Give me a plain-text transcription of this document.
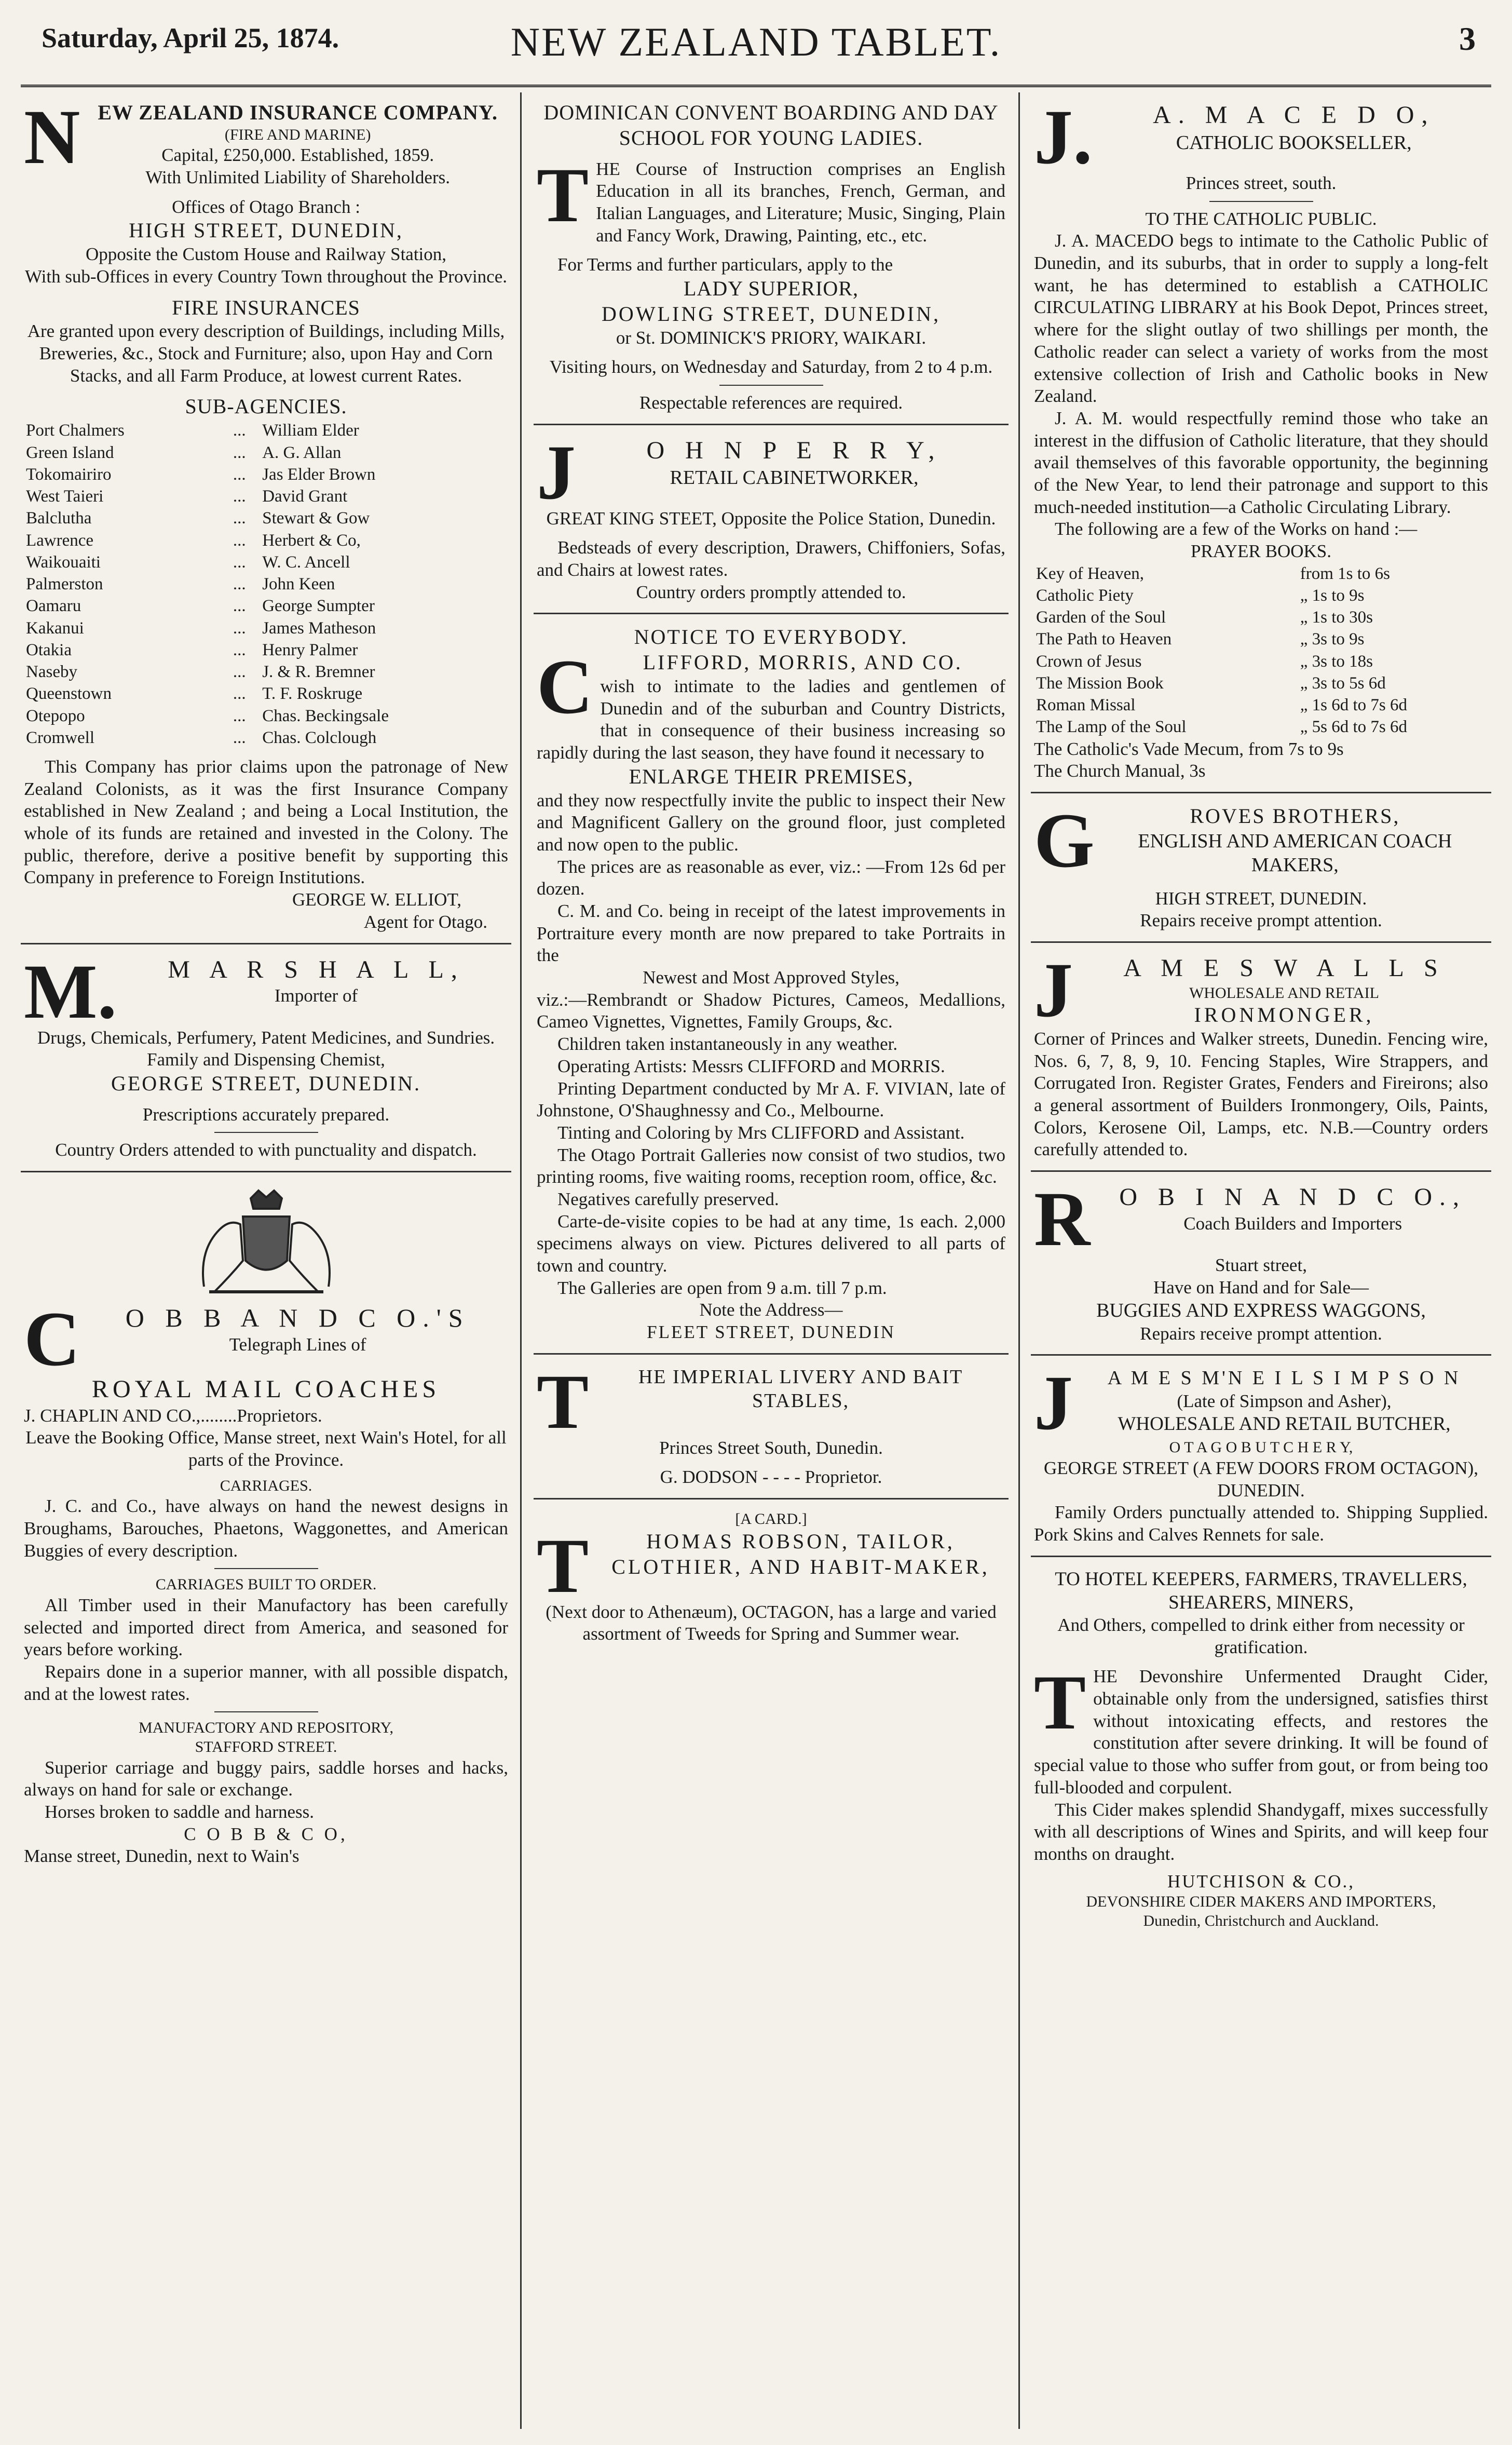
Saturday, April 25, 1874.	NEW ZEALAND TABLET.	3
N EW ZEALAND INSURANCE COMPANY.
(FIRE AND MARINE)
Capital, £250,000. Established, 1859.
With Unlimited Liability of Shareholders.
Offices of Otago Branch :
HIGH STREET, DUNEDIN,
Opposite the Custom House and Railway Station,
With sub-Offices in every Country Town throughout the Province.
FIRE INSURANCES
Are granted upon every description of Buildings, including Mills, Breweries, &c., Stock and Furniture; also, upon Hay and Corn Stacks, and all Farm Produce, at lowest current Rates.
SUB-AGENCIES.
Port Chalmers	...	William Elder
Green Island	...	A. G. Allan
Tokomairiro	...	Jas Elder Brown
West Taieri	...	David Grant
Balclutha	...	Stewart & Gow
Lawrence	...	Herbert & Co,
Waikouaiti	...	W. C. Ancell
Palmerston	...	John Keen
Oamaru	...	George Sumpter
Kakanui	...	James Matheson
Otakia	...	Henry Palmer
Naseby	...	J. & R. Bremner
Queenstown	...	T. F. Roskruge
Otepopo	...	Chas. Beckingsale
Cromwell	...	Chas. Colclough
This Company has prior claims upon the patronage of New Zealand Colonists, as it was the first Insurance Company established in New Zealand ; and being a Local Institution, the whole of its funds are retained and invested in the Colony. The public, therefore, derive a positive benefit by supporting this Company in preference to Foreign Institutions.
GEORGE W. ELLIOT,
Agent for Otago.
M.	M A R S H A L L,
Importer of
Drugs, Chemicals, Perfumery, Patent Medicines, and Sundries. Family and Dispensing Chemist,
GEORGE STREET, DUNEDIN.
Prescriptions accurately prepared.
Country Orders attended to with punctuality and dispatch.
C	O B B A N D C O.'S
Telegraph Lines of
ROYAL MAIL COACHES
J. CHAPLIN AND CO.,........Proprietors.
Leave the Booking Office, Manse street, next Wain's Hotel, for all parts of the Province.
CARRIAGES.
J. C. and Co., have always on hand the newest designs in Broughams, Barouches, Phaetons, Waggonettes, and American Buggies of every description.
CARRIAGES BUILT TO ORDER.
All Timber used in their Manufactory has been carefully selected and imported direct from America, and seasoned for years before working.
Repairs done in a superior manner, with all possible dispatch, and at the lowest rates.
MANUFACTORY AND REPOSITORY,
STAFFORD STREET.
Superior carriage and buggy pairs, saddle horses and hacks, always on hand for sale or exchange.
Horses broken to saddle and harness.
C O B B & C O,
Manse street, Dunedin, next to Wain's
DOMINICAN CONVENT BOARDING AND DAY SCHOOL FOR YOUNG LADIES.
T HE Course of Instruction comprises an English Education in all its branches, French, German, and Italian Languages, and Literature; Music, Singing, Plain and Fancy Work, Drawing, Painting, etc., etc.
For Terms and further particulars, apply to the
LADY SUPERIOR,
DOWLING STREET, DUNEDIN,
or St. DOMINICK'S PRIORY, WAIKARI.
Visiting hours, on Wednesday and Saturday, from 2 to 4 p.m.
Respectable references are required.
J	O H N P E R R Y,
RETAIL CABINETWORKER,
GREAT KING STEET, Opposite the Police Station, Dunedin.
Bedsteads of every description, Drawers, Chiffoniers, Sofas, and Chairs at lowest rates.
Country orders promptly attended to.
NOTICE TO EVERYBODY.
C	LIFFORD, MORRIS, AND CO.
wish to intimate to the ladies and gentlemen of Dunedin and of the suburban and Country Districts, that in consequence of their business increasing so rapidly during the last season, they have found it necessary to
ENLARGE THEIR PREMISES,
and they now respectfully invite the public to inspect their New and Magnificent Gallery on the ground floor, just completed and now open to the public.
The prices are as reasonable as ever, viz.: —From 12s 6d per dozen.
C. M. and Co. being in receipt of the latest improvements in Portraiture every month are now prepared to take Portraits in the
Newest and Most Approved Styles,
viz.:—Rembrandt or Shadow Pictures, Cameos, Medallions, Cameo Vignettes, Vignettes, Family Groups, &c.
Children taken instantaneously in any weather.
Operating Artists: Messrs CLIFFORD and MORRIS.
Printing Department conducted by Mr A. F. VIVIAN, late of Johnstone, O'Shaughnessy and Co., Melbourne.
Tinting and Coloring by Mrs CLIFFORD and Assistant.
The Otago Portrait Galleries now consist of two studios, two printing rooms, five waiting rooms, reception room, office, &c.
Negatives carefully preserved.
Carte-de-visite copies to be had at any time, 1s each. 2,000 specimens always on view. Pictures delivered to all parts of town and country.
The Galleries are open from 9 a.m. till 7 p.m.
Note the Address—
FLEET STREET, DUNEDIN
T	HE IMPERIAL LIVERY AND BAIT STABLES,
Princes Street South, Dunedin.
G. DODSON - - - - Proprietor.
[A CARD.]
T	HOMAS ROBSON, TAILOR, CLOTHIER, AND HABIT-MAKER,
(Next door to Athenæum), OCTAGON, has a large and varied assortment of Tweeds for Spring and Summer wear.
J.	A. M A C E D O,
CATHOLIC BOOKSELLER,
Princes street, south.
TO THE CATHOLIC PUBLIC.
J. A. MACEDO begs to intimate to the Catholic Public of Dunedin, and its suburbs, that in order to supply a long-felt want, he has determined to establish a CATHOLIC CIRCULATING LIBRARY at his Book Depot, Princes street, where for the slight outlay of two shillings per month, the Catholic reader can select a variety of works from the most extensive collection of Irish and Catholic books in New Zealand.
J. A. M. would respectfully remind those who take an interest in the diffusion of Catholic literature, that they should avail themselves of this favorable opportunity, the beginning of the New Year, to lend their patronage and support to this much-needed institution—a Catholic Circulating Library.
The following are a few of the Works on hand :—
PRAYER BOOKS.
Key of Heaven,	from 1s to 6s
Catholic Piety	„ 1s to 9s
Garden of the Soul	„ 1s to 30s
The Path to Heaven	„ 3s to 9s
Crown of Jesus	„ 3s to 18s
The Mission Book	„ 3s to 5s 6d
Roman Missal	„ 1s 6d to 7s 6d
The Lamp of the Soul	„ 5s 6d to 7s 6d
The Catholic's Vade Mecum, from 7s to 9s
The Church Manual, 3s
G	ROVES BROTHERS,
ENGLISH AND AMERICAN COACH MAKERS,
HIGH STREET, DUNEDIN.
Repairs receive prompt attention.
J	A M E S W A L L S
WHOLESALE AND RETAIL
IRONMONGER,
Corner of Princes and Walker streets, Dunedin. Fencing wire, Nos. 6, 7, 8, 9, 10. Fencing Staples, Wire Strappers, and Corrugated Iron. Register Grates, Fenders and Fireirons; also a general assortment of Builders Ironmongery, Oils, Paints, Colors, Kerosene Oil, Lamps, etc. N.B.—Country orders carefully attended to.
R	O B I N A N D C O.,
Coach Builders and Importers
Stuart street,
Have on Hand and for Sale—
BUGGIES AND EXPRESS WAGGONS,
Repairs receive prompt attention.
J	A M E S M'N E I L S I M P S O N
(Late of Simpson and Asher),
WHOLESALE AND RETAIL BUTCHER,
O T A G O B U T C H E R Y,
GEORGE STREET (A FEW DOORS FROM OCTAGON), DUNEDIN.
Family Orders punctually attended to. Shipping Supplied. Pork Skins and Calves Rennets for sale.
TO HOTEL KEEPERS, FARMERS, TRAVELLERS, SHEARERS, MINERS,
And Others, compelled to drink either from necessity or gratification.
T HE Devonshire Unfermented Draught Cider, obtainable only from the undersigned, satisfies thirst without intoxicating effects, and restores the constitution after severe drinking. It will be found of special value to those who suffer from gout, or from being too full-blooded and corpulent.
This Cider makes splendid Shandygaff, mixes successfully with all descriptions of Wines and Spirits, and will keep four months on draught.
HUTCHISON & CO.,
DEVONSHIRE CIDER MAKERS AND IMPORTERS,
Dunedin, Christchurch and Auckland.
